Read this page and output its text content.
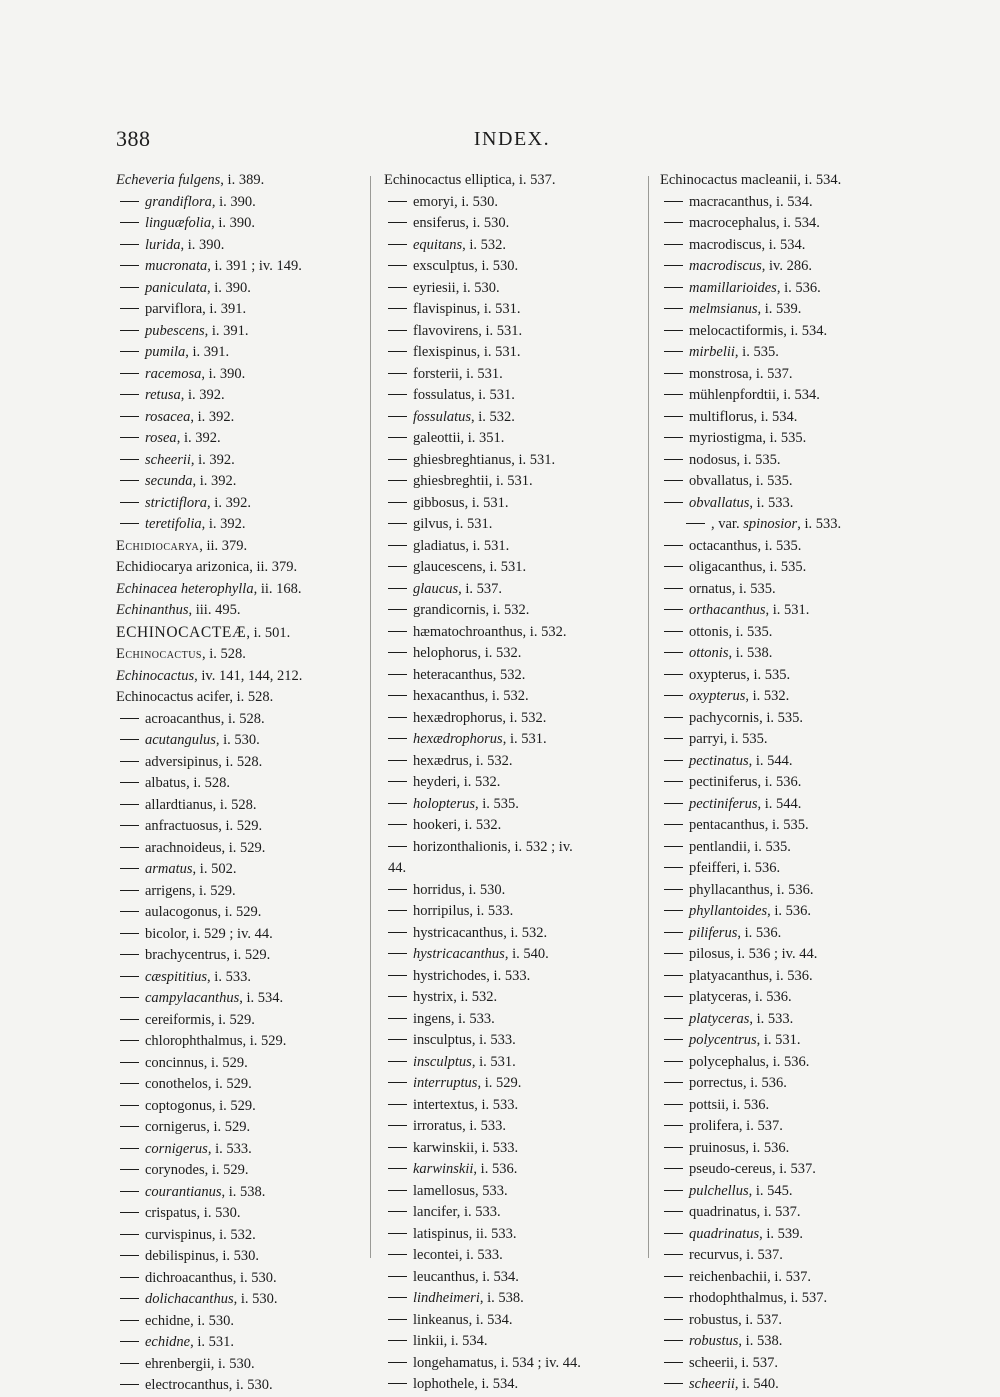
388	INDEX.
Echeveria fulgens, i. 389.
grandiflora, i. 390.
linguæfolia, i. 390.
lurida, i. 390.
mucronata, i. 391 ; iv. 149.
paniculata, i. 390.
parviflora, i. 391.
pubescens, i. 391.
pumila, i. 391.
racemosa, i. 390.
retusa, i. 392.
rosacea, i. 392.
rosea, i. 392.
scheerii, i. 392.
secunda, i. 392.
strictiflora, i. 392.
teretifolia, i. 392.
Echidiocarya, ii. 379.
Echidiocarya arizonica, ii. 379.
Echinacea heterophylla, ii. 168.
Echinanthus, iii. 495.
ECHINOCACTEÆ, i. 501.
Echinocactus, i. 528.
Echinocactus, iv. 141, 144, 212.
Echinocactus acifer, i. 528.
acroacanthus, i. 528.
acutangulus, i. 530.
adversipinus, i. 528.
albatus, i. 528.
allardtianus, i. 528.
anfractuosus, i. 529.
arachnoideus, i. 529.
armatus, i. 502.
arrigens, i. 529.
aulacogonus, i. 529.
bicolor, i. 529 ; iv. 44.
brachycentrus, i. 529.
cæspititius, i. 533.
campylacanthus, i. 534.
cereiformis, i. 529.
chlorophthalmus, i. 529.
concinnus, i. 529.
conothelos, i. 529.
coptogonus, i. 529.
cornigerus, i. 529.
cornigerus, i. 533.
corynodes, i. 529.
courantianus, i. 538.
crispatus, i. 530.
curvispinus, i. 532.
debilispinus, i. 530.
dichroacanthus, i. 530.
dolichacanthus, i. 530.
echidne, i. 530.
echidne, i. 531.
ehrenbergii, i. 530.
electrocanthus, i. 530.
Echinocactus elliptica, i. 537.
emoryi, i. 530.
ensiferus, i. 530.
equitans, i. 532.
exsculptus, i. 530.
eyriesii, i. 530.
flavispinus, i. 531.
flavovirens, i. 531.
flexispinus, i. 531.
forsterii, i. 531.
fossulatus, i. 531.
fossulatus, i. 532.
galeottii, i. 351.
ghiesbreghtianus, i. 531.
ghiesbreghtii, i. 531.
gibbosus, i. 531.
gilvus, i. 531.
gladiatus, i. 531.
glaucescens, i. 531.
glaucus, i. 537.
grandicornis, i. 532.
hæmatochroanthus, i. 532.
helophorus, i. 532.
heteracanthus, 532.
hexacanthus, i. 532.
hexædrophorus, i. 532.
hexædrophorus, i. 531.
hexædrus, i. 532.
heyderi, i. 532.
holopterus, i. 535.
hookeri, i. 532.
horizonthalionis, i. 532 ; iv.
44.
horridus, i. 530.
horripilus, i. 533.
hystricacanthus, i. 532.
hystricacanthus, i. 540.
hystrichodes, i. 533.
hystrix, i. 532.
ingens, i. 533.
insculptus, i. 533.
insculptus, i. 531.
interruptus, i. 529.
intertextus, i. 533.
irroratus, i. 533.
karwinskii, i. 533.
karwinskii, i. 536.
lamellosus, 533.
lancifer, i. 533.
latispinus, ii. 533.
lecontei, i. 533.
leucanthus, i. 534.
lindheimeri, i. 538.
linkeanus, i. 534.
linkii, i. 534.
longehamatus, i. 534 ; iv. 44.
lophothele, i. 534.
Echinocactus macleanii, i. 534.
macracanthus, i. 534.
macrocephalus, i. 534.
macrodiscus, i. 534.
macrodiscus, iv. 286.
mamillarioides, i. 536.
melmsianus, i. 539.
melocactiformis, i. 534.
mirbelii, i. 535.
monstrosa, i. 537.
mühlenpfordtii, i. 534.
multiflorus, i. 534.
myriostigma, i. 535.
nodosus, i. 535.
obvallatus, i. 535.
obvallatus, i. 533.
, var. spinosior, i. 533.
octacanthus, i. 535.
oligacanthus, i. 535.
ornatus, i. 535.
orthacanthus, i. 531.
ottonis, i. 535.
ottonis, i. 538.
oxypterus, i. 535.
oxypterus, i. 532.
pachycornis, i. 535.
parryi, i. 535.
pectinatus, i. 544.
pectiniferus, i. 536.
pectiniferus, i. 544.
pentacanthus, i. 535.
pentlandii, i. 535.
pfeifferi, i. 536.
phyllacanthus, i. 536.
phyllantoides, i. 536.
piliferus, i. 536.
pilosus, i. 536 ; iv. 44.
platyacanthus, i. 536.
platyceras, i. 536.
platyceras, i. 533.
polycentrus, i. 531.
polycephalus, i. 536.
porrectus, i. 536.
pottsii, i. 536.
prolifera, i. 537.
pruinosus, i. 536.
pseudo-cereus, i. 537.
pulchellus, i. 545.
quadrinatus, i. 537.
quadrinatus, i. 539.
recurvus, i. 537.
reichenbachii, i. 537.
rhodophthalmus, i. 537.
robustus, i. 537.
robustus, i. 538.
scheerii, i. 537.
scheerii, i. 540.
